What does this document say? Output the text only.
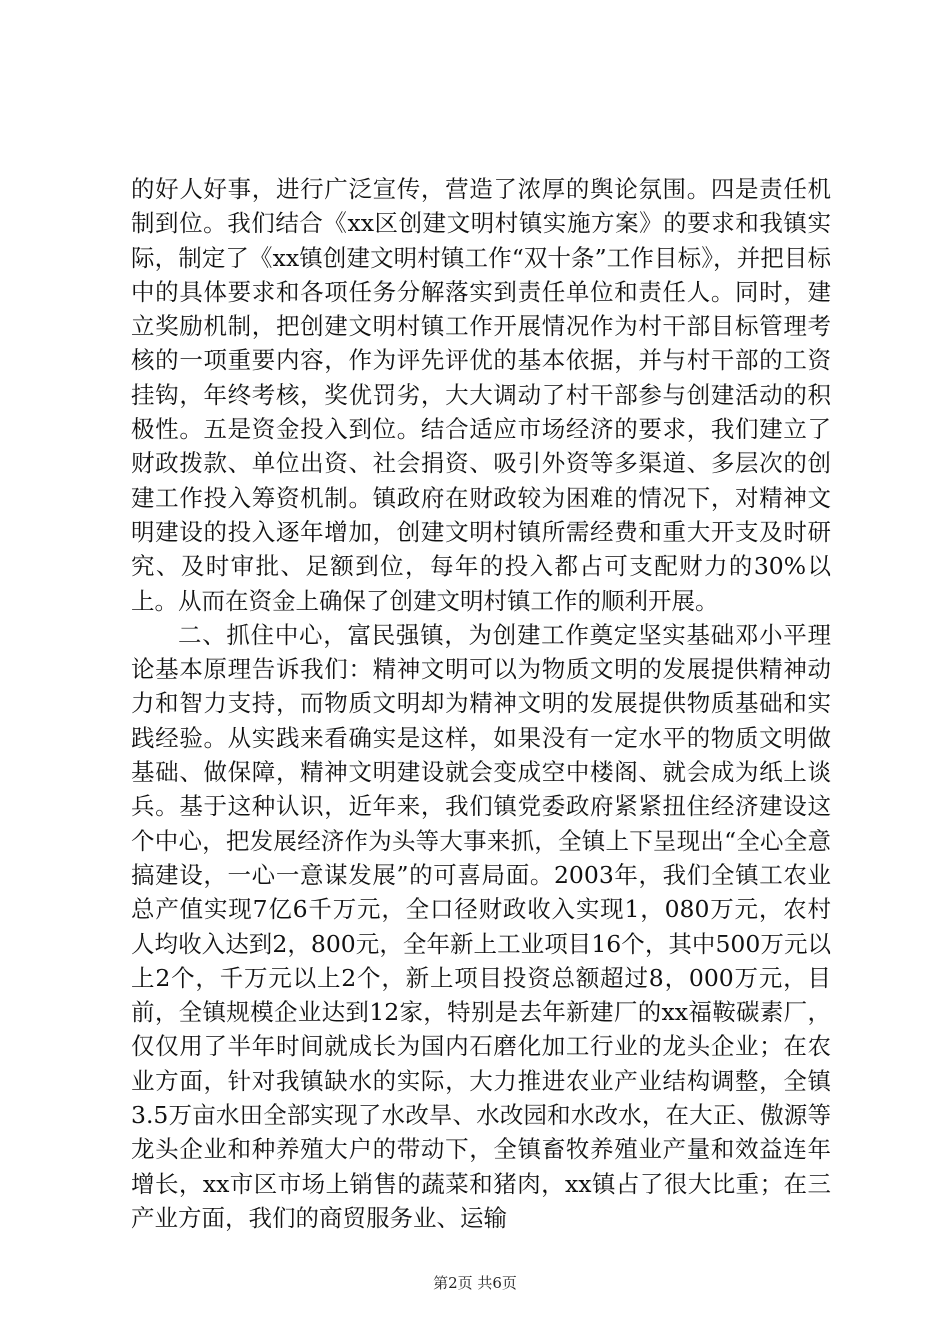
的好人好事，进行广泛宣传，营造了浓厚的舆论氛围。四是责任机制到位。我们结合《xx区创建文明村镇实施方案》的要求和我镇实际，制定了《xx镇创建文明村镇工作“双十条”工作目标》，并把目标中的具体要求和各项任务分解落实到责任单位和责任人。同时，建立奖励机制，把创建文明村镇工作开展情况作为村干部目标管理考核的一项重要内容，作为评先评优的基本依据，并与村干部的工资挂钩，年终考核，奖优罚劣，大大调动了村干部参与创建活动的积极性。五是资金投入到位。结合适应市场经济的要求，我们建立了财政拨款、单位出资、社会捐资、吸引外资等多渠道、多层次的创建工作投入筹资机制。镇政府在财政较为困难的情况下，对精神文明建设的投入逐年增加，创建文明村镇所需经费和重大开支及时研究、及时审批、足额到位，每年的投入都占可支配财力的30%以上。从而在资金上确保了创建文明村镇工作的顺利开展。

二、抓住中心，富民强镇，为创建工作奠定坚实基础邓小平理论基本原理告诉我们：精神文明可以为物质文明的发展提供精神动力和智力支持，而物质文明却为精神文明的发展提供物质基础和实践经验。从实践来看确实是这样，如果没有一定水平的物质文明做基础、做保障，精神文明建设就会变成空中楼阁、就会成为纸上谈兵。基于这种认识，近年来，我们镇党委政府紧紧扭住经济建设这个中心，把发展经济作为头等大事来抓，全镇上下呈现出“全心全意搞建设，一心一意谋发展”的可喜局面。2003年，我们全镇工农业总产值实现7亿6千万元，全口径财政收入实现1，080万元，农村人均收入达到2，800元，全年新上工业项目16个，其中500万元以上2个，千万元以上2个，新上项目投资总额超过8，000万元，目前，全镇规模企业达到12家，特别是去年新建厂的xx福鞍碳素厂，仅仅用了半年时间就成长为国内石磨化加工行业的龙头企业；在农业方面，针对我镇缺水的实际，大力推进农业产业结构调整，全镇3.5万亩水田全部实现了水改旱、水改园和水改水，在大正、傲源等龙头企业和种养殖大户的带动下，全镇畜牧养殖业产量和效益连年增长，xx市区市场上销售的蔬菜和猪肉，xx镇占了很大比重；在三产业方面，我们的商贸服务业、运输

第2页 共6页
